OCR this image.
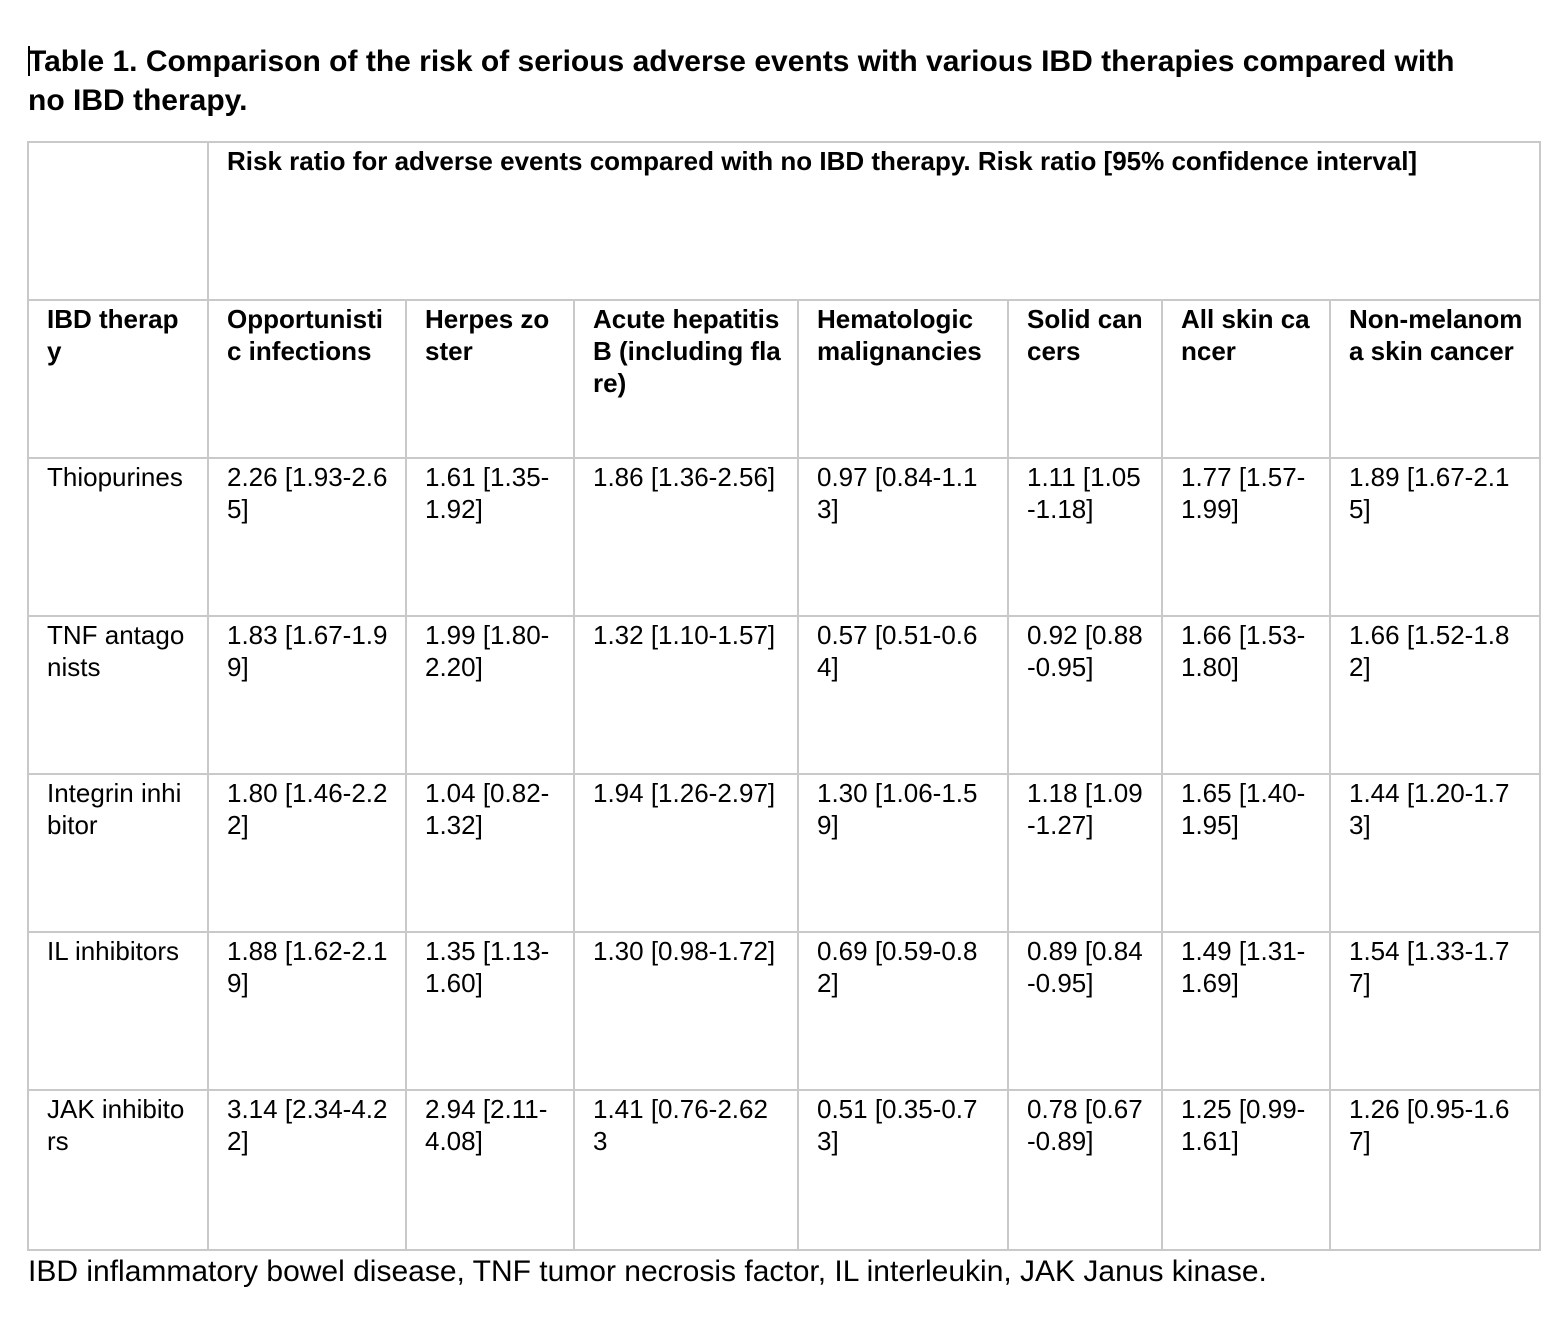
Table 1. Comparison of the risk of serious adverse events with various IBD therapies compared with no IBD therapy.

	Risk ratio for adverse events compared with no IBD therapy. Risk ratio [95% confidence interval]						
IBD therapy	Opportunistic infections	Herpes zoster	Acute hepatitis B (including flare)	Hematologic malignancies	Solid cancers	All skin cancer	Non-melanoma skin cancer
Thiopurines	2.26 [1.93-2.65]	1.61 [1.35-1.92]	1.86 [1.36-2.56]	0.97 [0.84-1.13]	1.11 [1.05-1.18]	1.77 [1.57-1.99]	1.89 [1.67-2.15]
TNF antagonists	1.83 [1.67-1.99]	1.99 [1.80-2.20]	1.32 [1.10-1.57]	0.57 [0.51-0.64]	0.92 [0.88-0.95]	1.66 [1.53-1.80]	1.66 [1.52-1.82]
Integrin inhibitor	1.80 [1.46-2.22]	1.04 [0.82-1.32]	1.94 [1.26-2.97]	1.30 [1.06-1.59]	1.18 [1.09-1.27]	1.65 [1.40-1.95]	1.44 [1.20-1.73]
IL inhibitors	1.88 [1.62-2.19]	1.35 [1.13-1.60]	1.30 [0.98-1.72]	0.69 [0.59-0.82]	0.89 [0.84-0.95]	1.49 [1.31-1.69]	1.54 [1.33-1.77]
JAK inhibitors	3.14 [2.34-4.22]	2.94 [2.11-4.08]	1.41 [0.76-2.623	0.51 [0.35-0.73]	0.78 [0.67-0.89]	1.25 [0.99-1.61]	1.26 [0.95-1.67]

IBD inflammatory bowel disease, TNF tumor necrosis factor, IL interleukin, JAK Janus kinase.
